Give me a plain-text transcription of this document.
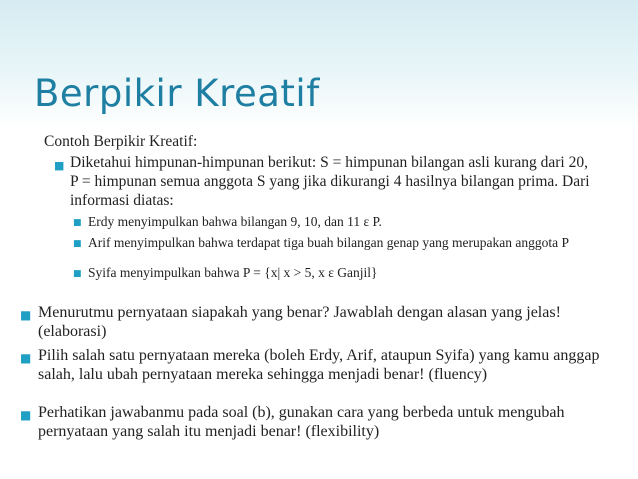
Berpikir Kreatif
Contoh Berpikir Kreatif:
■ Diketahui himpunan-himpunan berikut: S = himpunan bilangan asli kurang dari 20, P = himpunan semua anggota S yang jika dikurangi 4 hasilnya bilangan prima. Dari informasi diatas:
■ Erdy menyimpulkan bahwa bilangan 9, 10, dan 11 ε P.
■ Arif menyimpulkan bahwa terdapat tiga buah bilangan genap yang merupakan anggota P
■ Syifa menyimpulkan bahwa P = {x| x > 5, x ε Ganjil}
■ Menurutmu pernyataan siapakah yang benar? Jawablah dengan alasan yang jelas! (elaborasi)
■ Pilih salah satu pernyataan mereka (boleh Erdy, Arif, ataupun Syifa) yang kamu anggap salah, lalu ubah pernyataan mereka sehingga menjadi benar! (fluency)
■ Perhatikan jawabanmu pada soal (b), gunakan cara yang berbeda untuk mengubah pernyataan yang salah itu menjadi benar! (flexibility)
